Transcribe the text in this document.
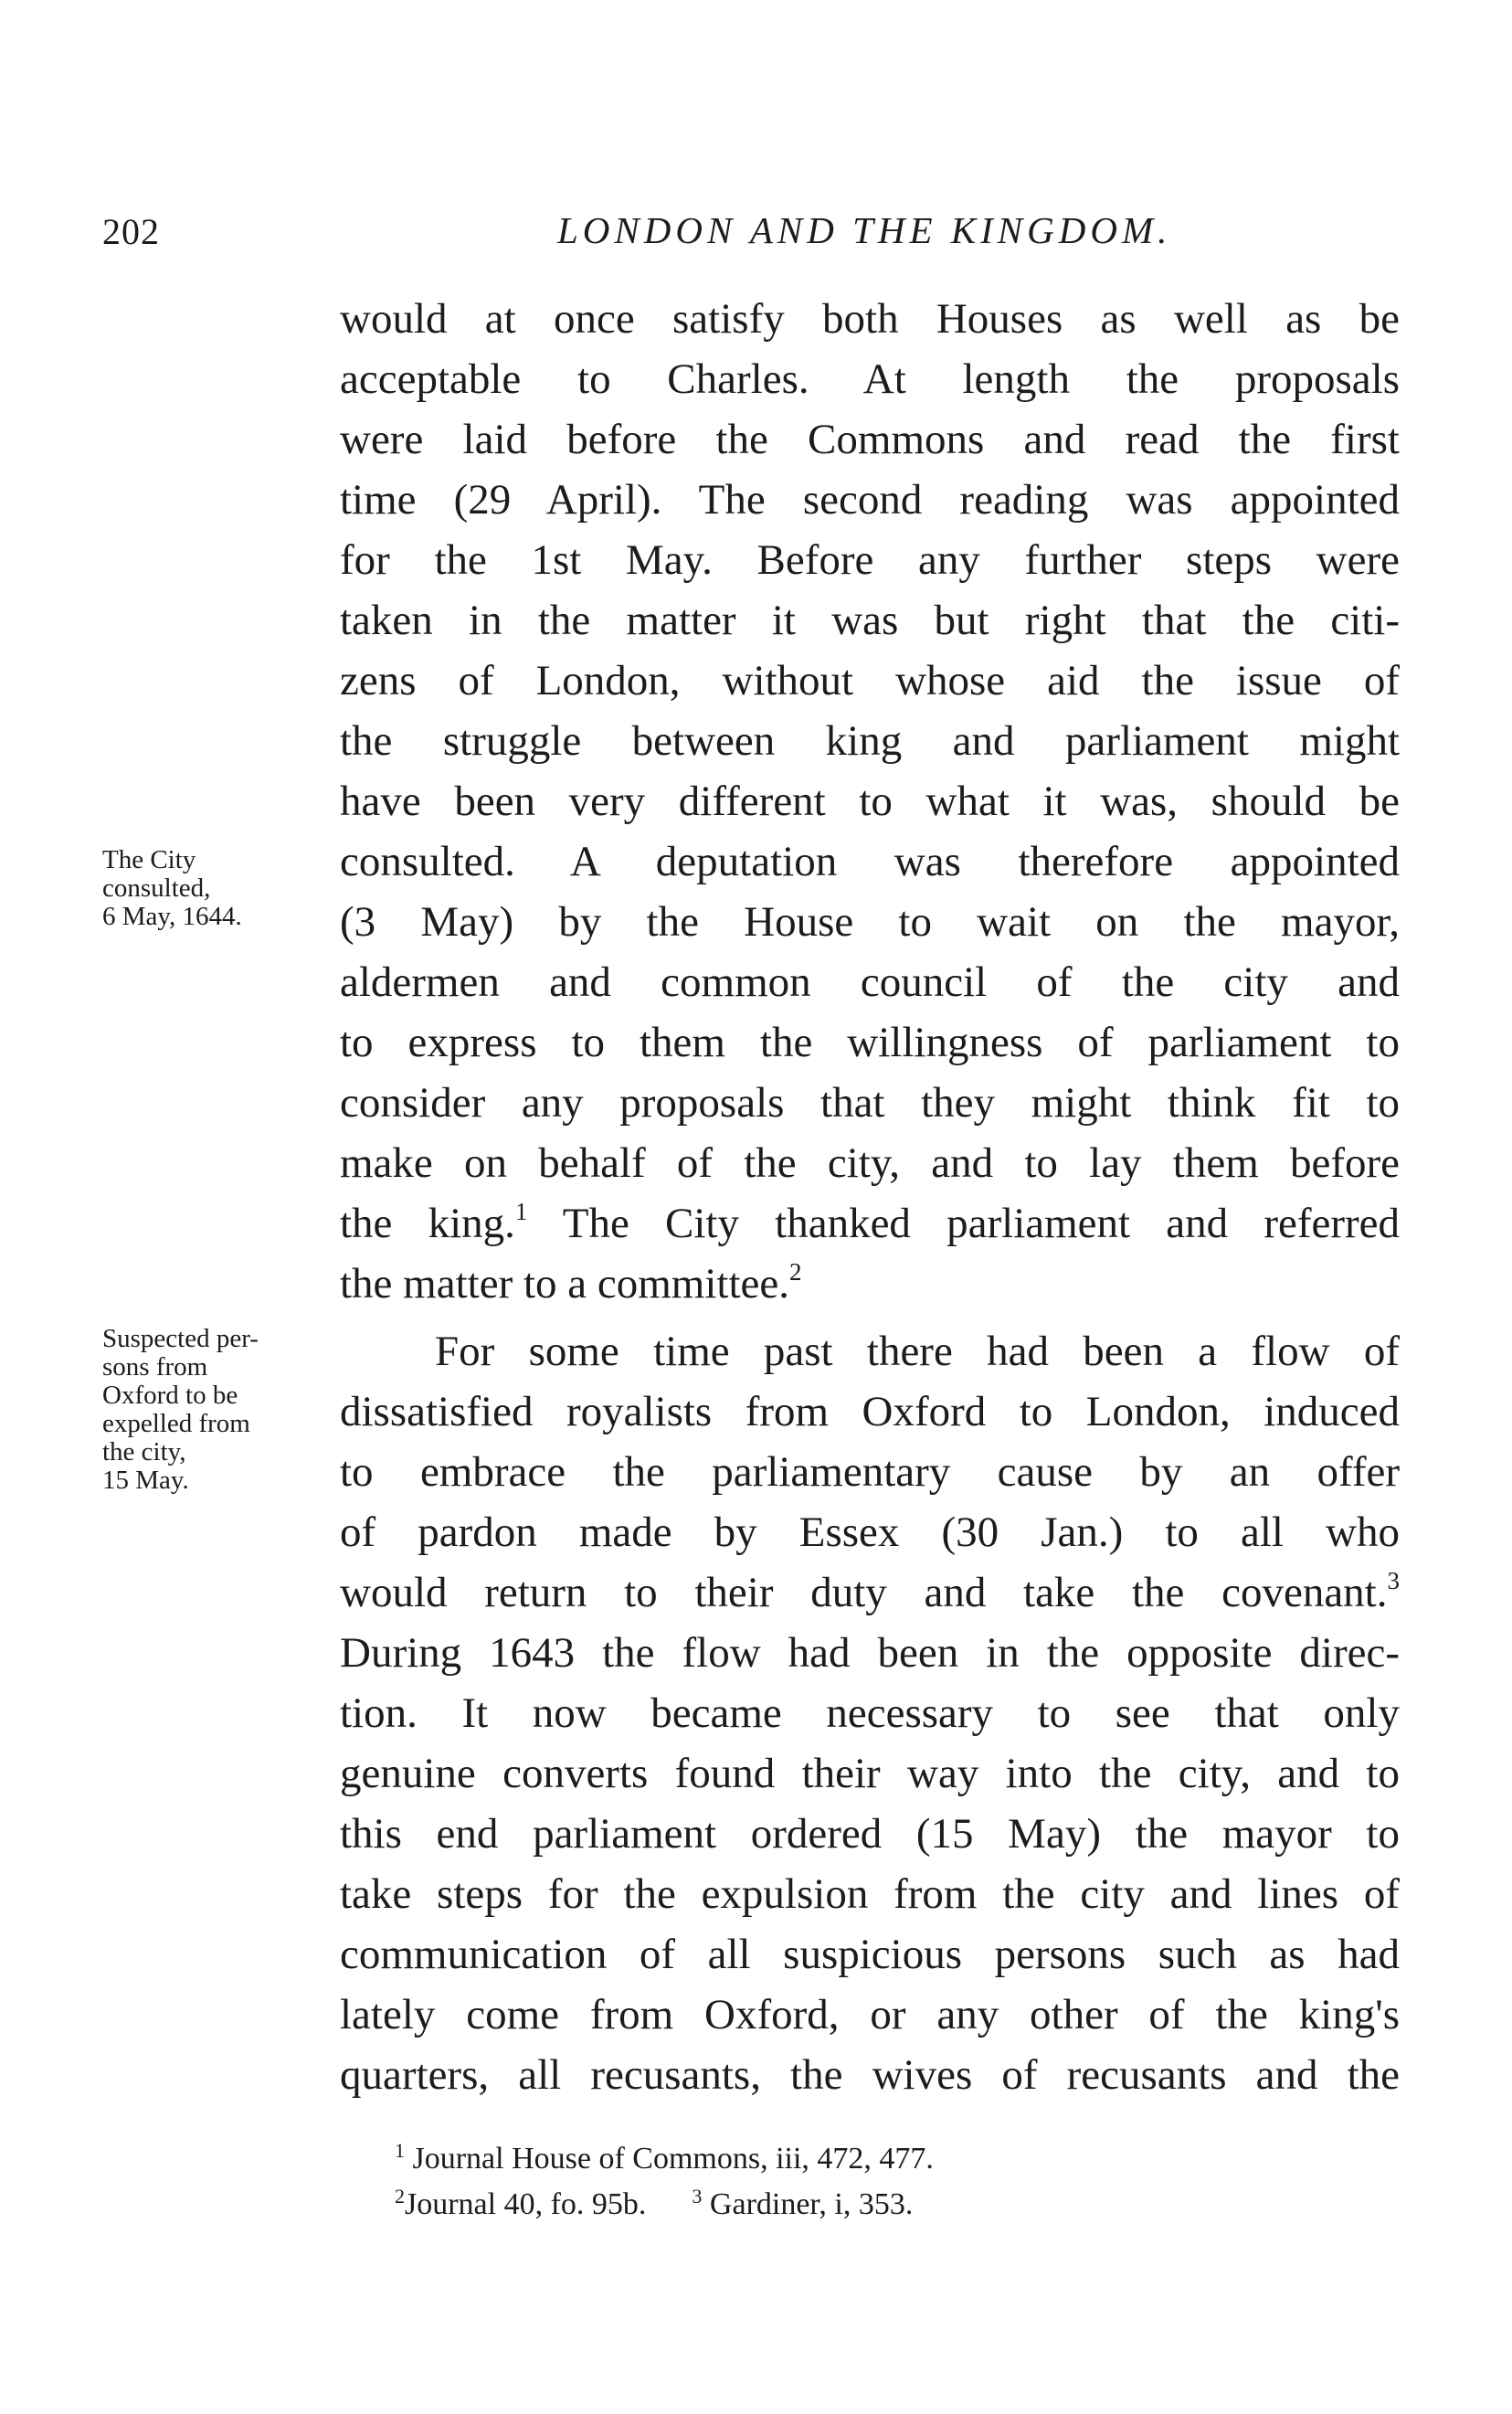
202	LONDON AND THE KINGDOM.
The City
consulted,
6 May, 1644.
Suspected per-
sons from
Oxford to be
expelled from
the city,
15 May.
would at once satisfy both Houses as well as be
acceptable to Charles. At length the proposals
were laid before the Commons and read the first
time (29 April). The second reading was appointed
for the 1st May. Before any further steps were
taken in the matter it was but right that the citi-
zens of London, without whose aid the issue of
the struggle between king and parliament might
have been very different to what it was, should be
consulted. A deputation was therefore appointed
(3 May) by the House to wait on the mayor,
aldermen and common council of the city and
to express to them the willingness of parliament to
consider any proposals that they might think fit to
make on behalf of the city, and to lay them before
the king.$^1$ The City thanked parliament and referred
the matter to a committee.$^2$
For some time past there had been a flow of
dissatisfied royalists from Oxford to London, induced
to embrace the parliamentary cause by an offer
of pardon made by Essex (30 Jan.) to all who
would return to their duty and take the covenant.$^3$
During 1643 the flow had been in the opposite direc-
tion. It now became necessary to see that only
genuine converts found their way into the city, and to
this end parliament ordered (15 May) the mayor to
take steps for the expulsion from the city and lines of
communication of all suspicious persons such as had
lately come from Oxford, or any other of the king's
quarters, all recusants, the wives of recusants and the
$^1$ Journal House of Commons, iii, 472, 477.
$^2$Journal 40, fo. 95b. $^3$ Gardiner, i, 353.
